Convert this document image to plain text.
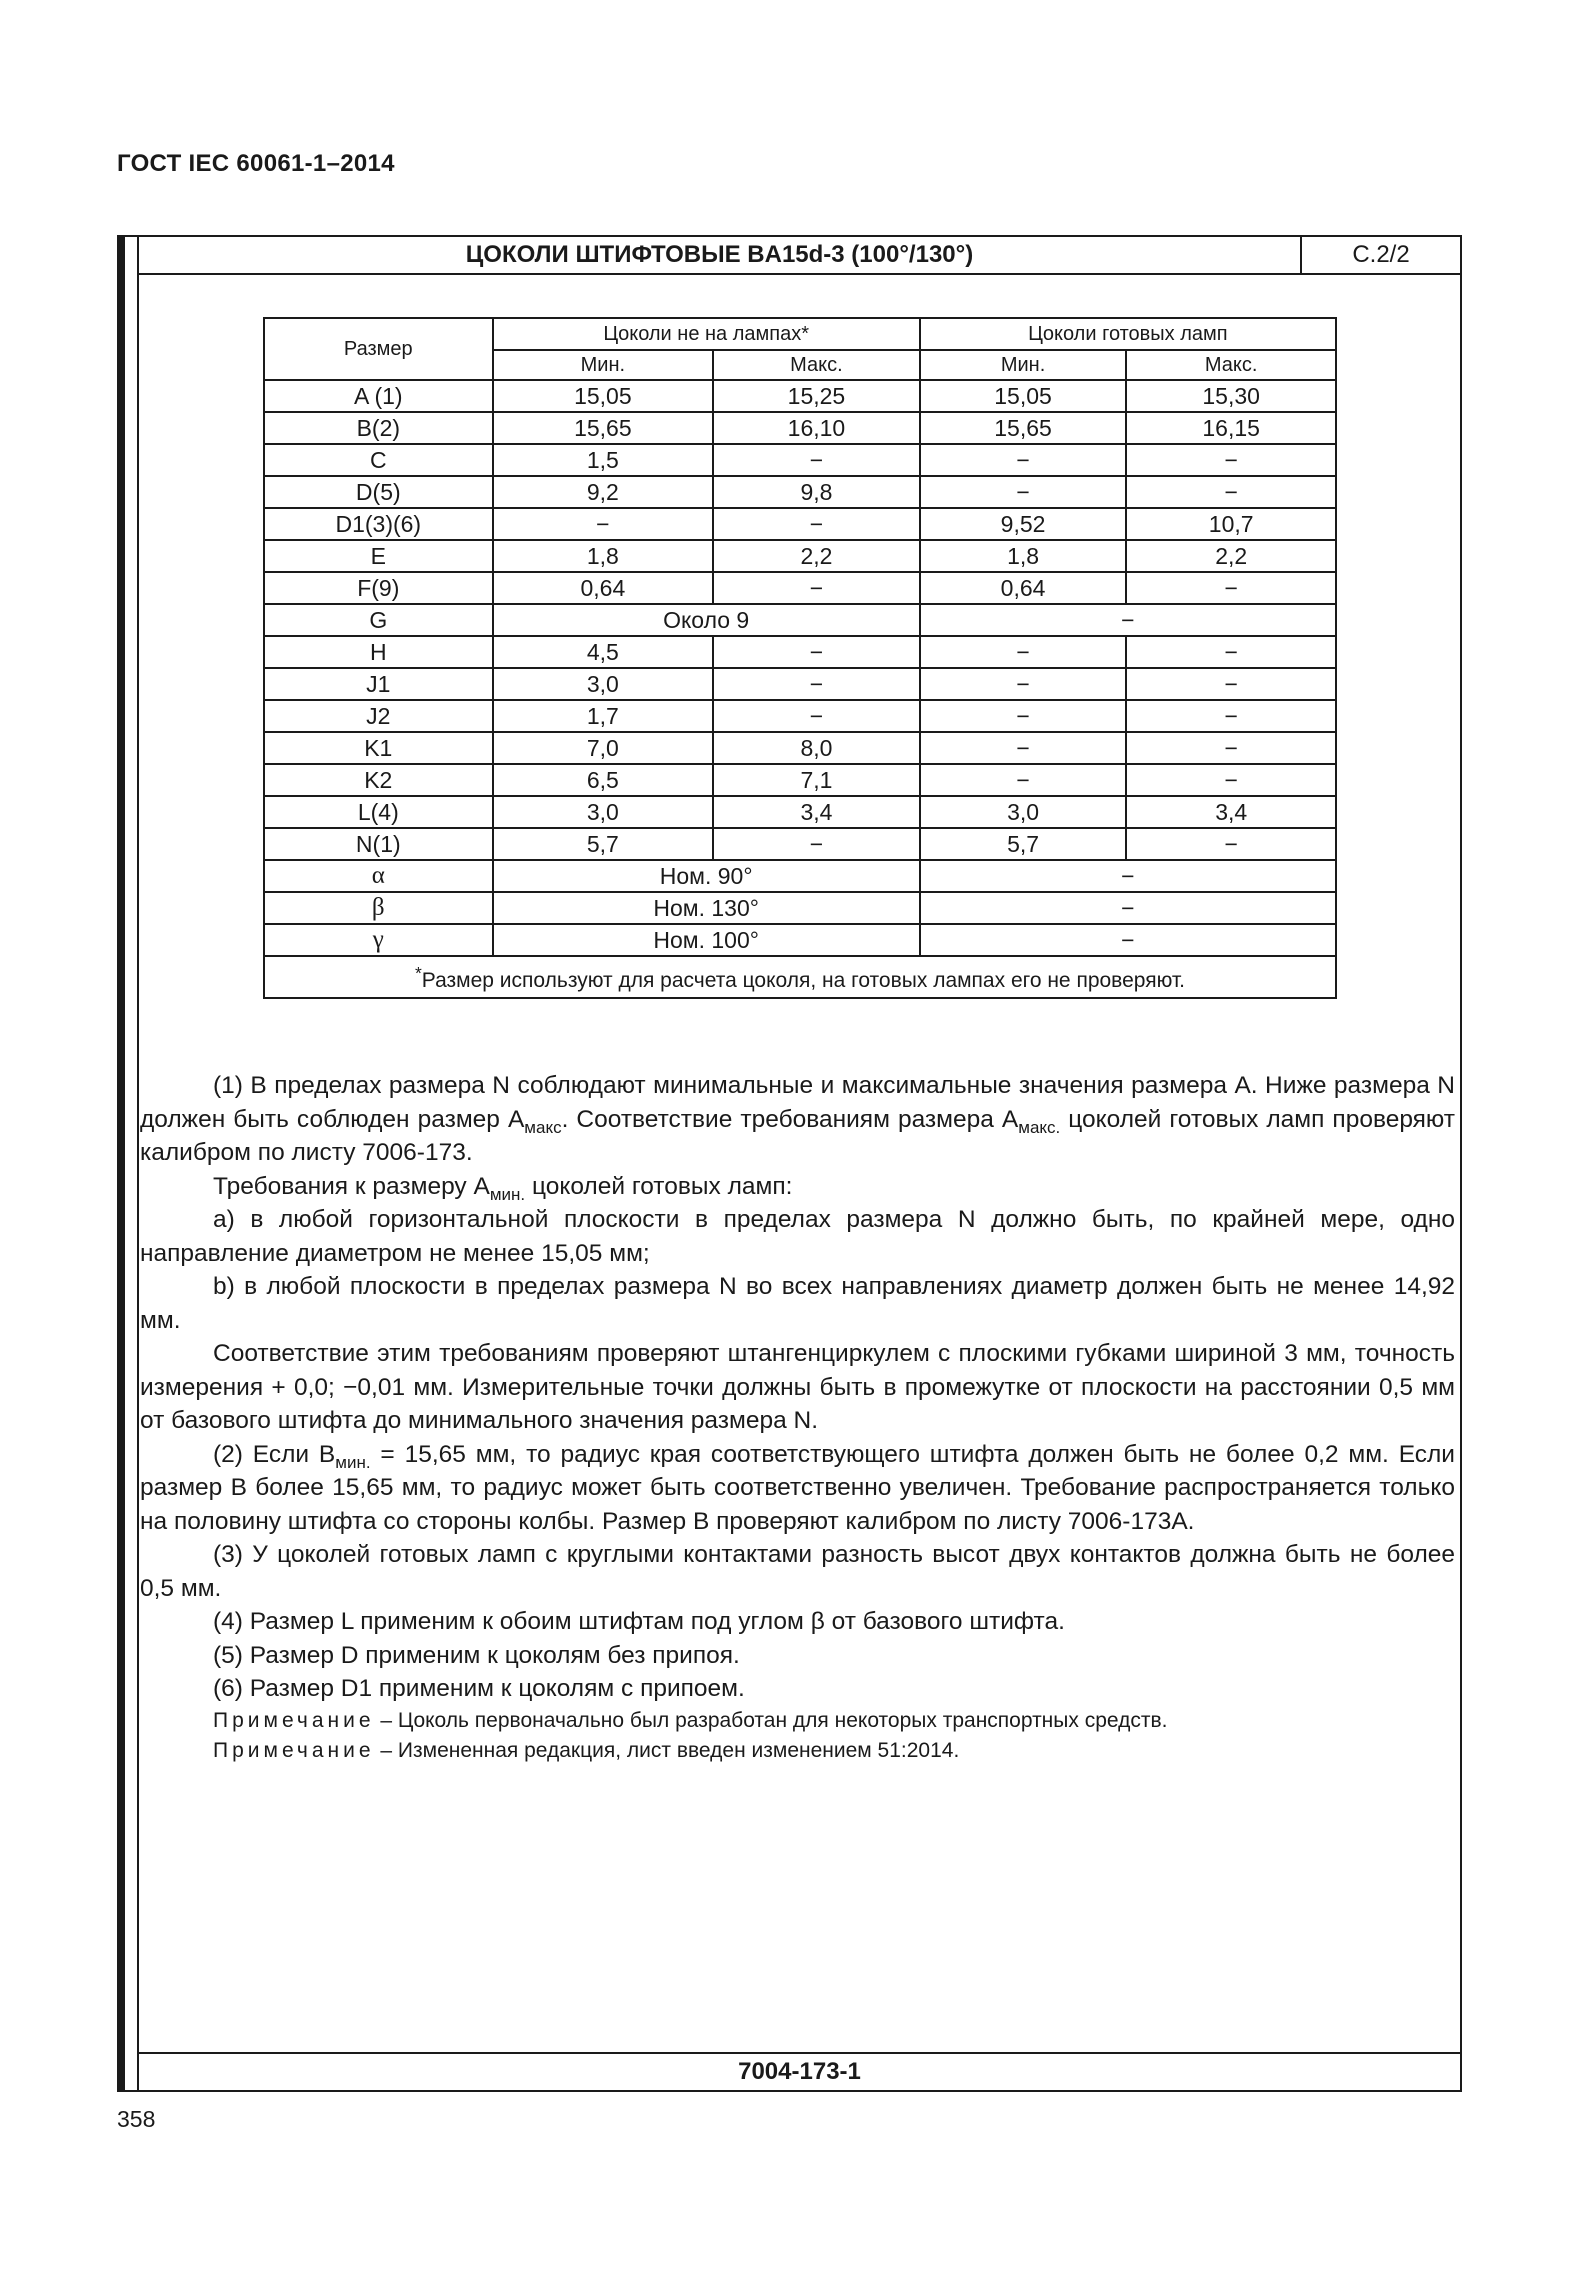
ГОСТ IEC 60061-1–2014
ЦОКОЛИ ШТИФТОВЫЕ BA15d-3 (100°/130°)	С.2/2
7004-173-1
Размер	Цоколи не на лампах*		Цоколи готовых ламп	
	Мин.	Макс.	Мин.	Макс.
A (1)	15,05	15,25	15,05	15,30
B(2)	15,65	16,10	15,65	16,15
C	1,5	−	−	−
D(5)	9,2	9,8	−	−
D1(3)(6)	−	−	9,52	10,7
E	1,8	2,2	1,8	2,2
F(9)	0,64	−	0,64	−
G	Около 9		−	
H	4,5	−	−	−
J1	3,0	−	−	−
J2	1,7	−	−	−
K1	7,0	8,0	−	−
K2	6,5	7,1	−	−
L(4)	3,0	3,4	3,0	3,4
N(1)	5,7	−	5,7	−
α	Ном. 90°		−	
β	Ном. 130°		−	
γ	Ном. 100°		−	
*Размер используют для расчета цоколя, на готовых лампах его не проверяют.				

(1) В пределах размера N соблюдают минимальные и максимальные значения размера A. Ниже размера N должен быть соблюден размер $A_{макс}$. Соответствие требованиям размера $A_{макс.}$ цоколей готовых ламп проверяют калибром по листу 7006-173.

Требования к размеру $A_{мин.}$ цоколей готовых ламп:

a) в любой горизонтальной плоскости в пределах размера N должно быть, по крайней мере, одно направление диаметром не менее 15,05 мм;

b) в любой плоскости в пределах размера N во всех направлениях диаметр должен быть не менее 14,92 мм.

Соответствие этим требованиям проверяют штангенциркулем с плоскими губками шириной 3 мм, точность измерения + 0,0; −0,01 мм. Измерительные точки должны быть в промежутке от плоскости на расстоянии 0,5 мм от базового штифта до минимального значения размера N.

(2) Если $B_{мин.} = 15,65$ мм, то радиус края соответствующего штифта должен быть не более 0,2 мм. Если размер B более 15,65 мм, то радиус может быть соответственно увеличен. Требование распространяется только на половину штифта со стороны колбы. Размер B проверяют калибром по листу 7006-173A.

(3) У цоколей готовых ламп с круглыми контактами разность высот двух контактов должна быть не более 0,5 мм.

(4) Размер L применим к обоим штифтам под углом β от базового штифта.

(5) Размер D применим к цоколям без припоя.

(6) Размер D1 применим к цоколям с припоем.

Примечание – Цоколь первоначально был разработан для некоторых транспортных средств.

Примечание – Измененная редакция, лист введен изменением 51:2014.

358
